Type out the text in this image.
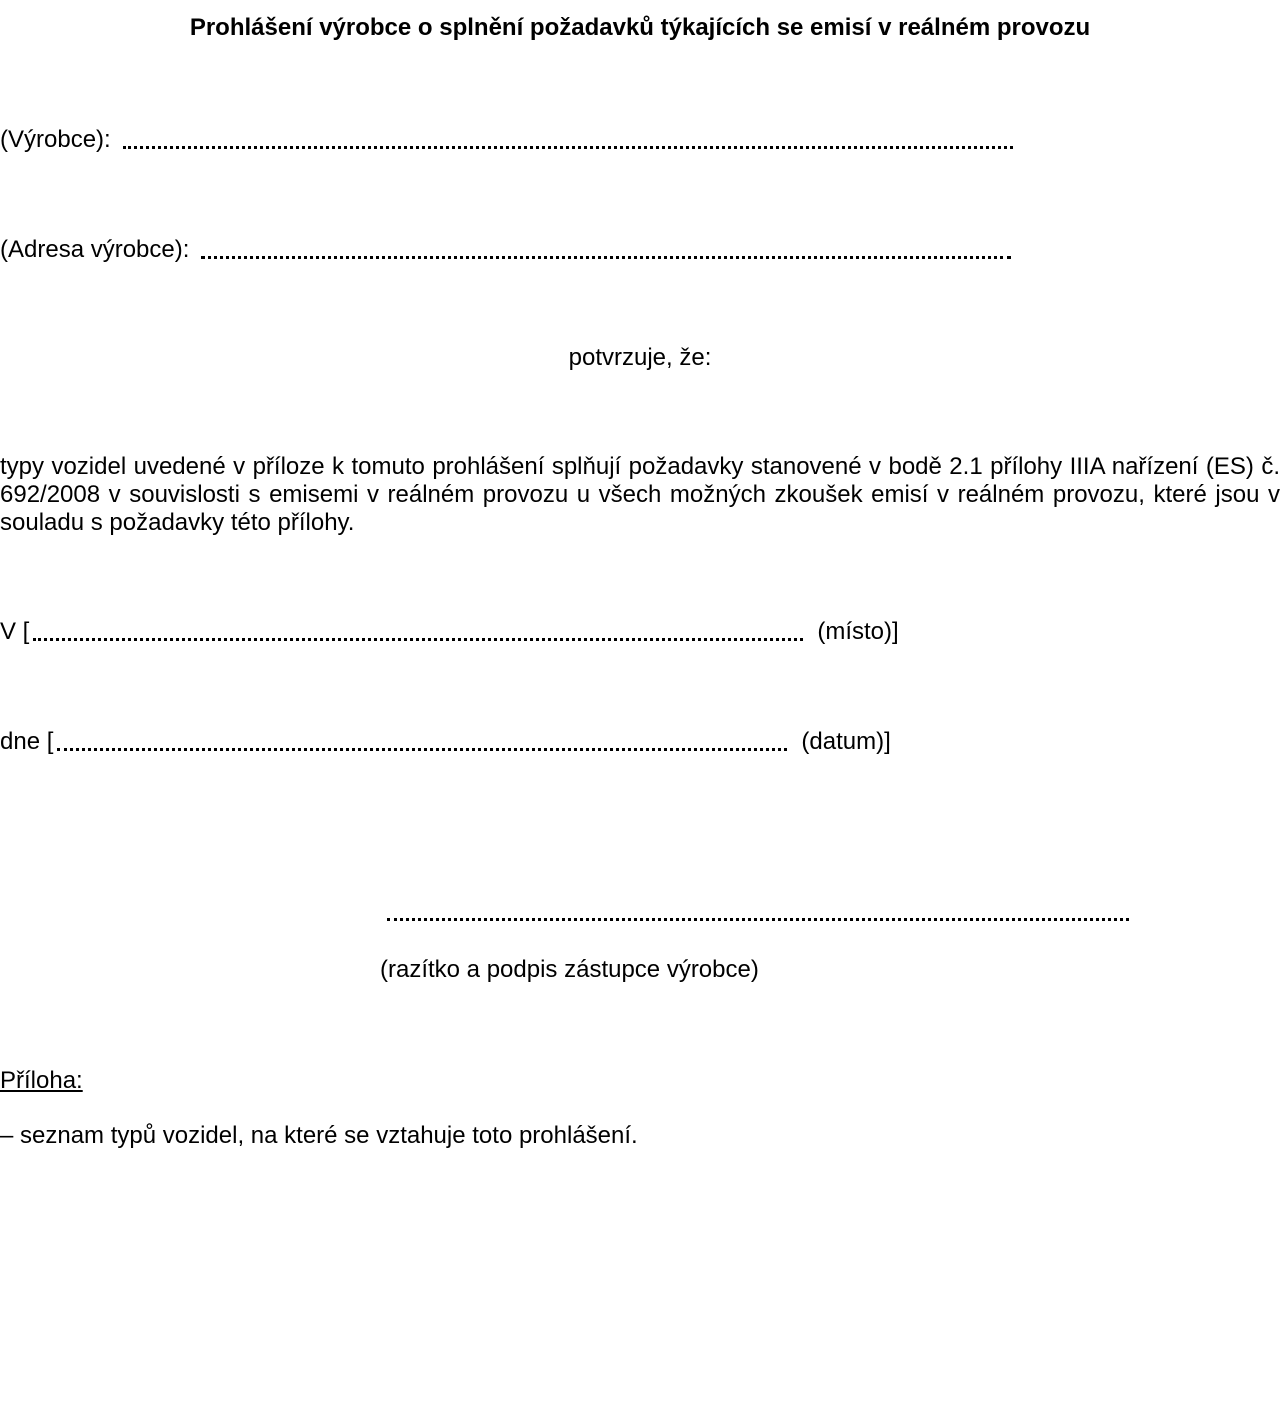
Prohlášení výrobce o splnění požadavků týkajících se emisí v reálném provozu
(Výrobce):
(Adresa výrobce):
potvrzuje, že:
typy vozidel uvedené v příloze k tomuto prohlášení splňují požadavky stanovené v bodě 2.1 přílohy IIIA nařízení (ES) č. 692/2008 v souvislosti s emisemi v reálném provozu u všech možných zkoušek emisí v reálném provozu, které jsou v souladu s požadavky této přílohy.
V [	(místo)]
dne [	(datum)]
(razítko a podpis zástupce výrobce)
Příloha:
– seznam typů vozidel, na které se vztahuje toto prohlášení.
